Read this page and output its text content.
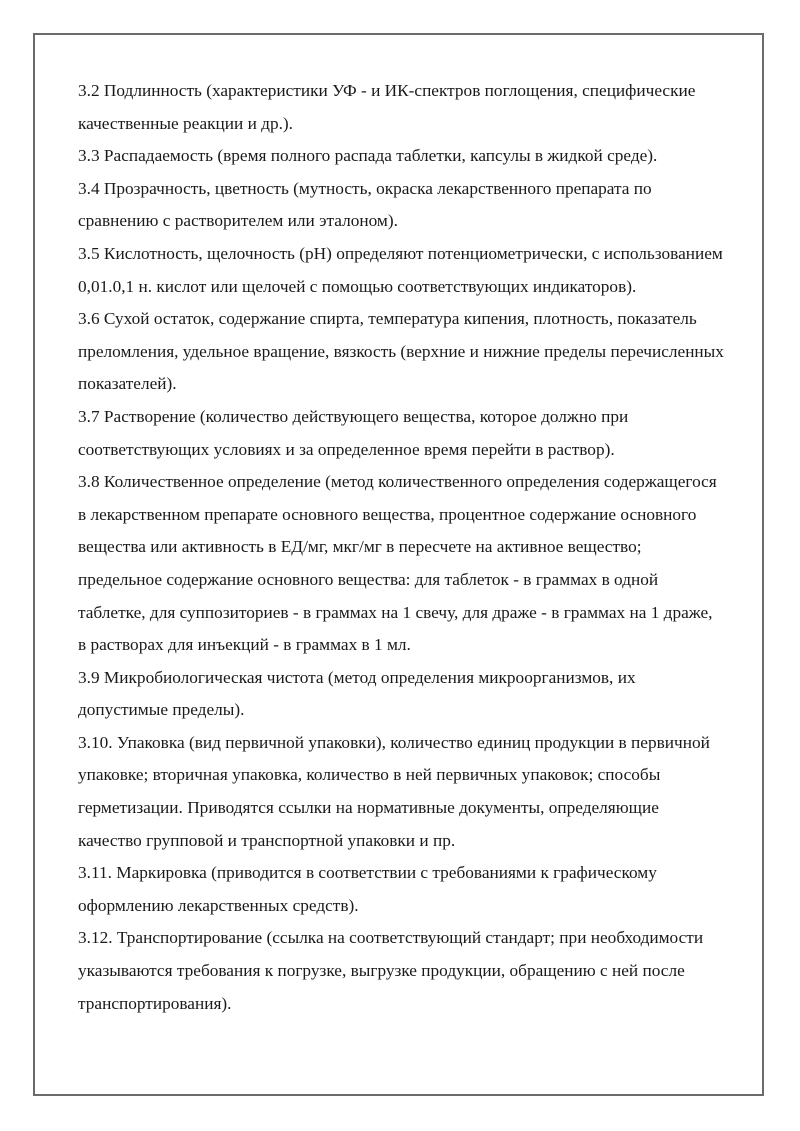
3.2 Подлинность (характеристики УФ - и ИК-спектров поглощения, специфические качественные реакции и др.).

3.3 Распадаемость (время полного распада таблетки, капсулы в жидкой среде).

3.4 Прозрачность, цветность (мутность, окраска лекарственного препарата по сравнению с растворителем или эталоном).

3.5 Кислотность, щелочность (рН) определяют потенциометрически, с использованием 0,01.0,1 н. кислот или щелочей с помощью соответствующих индикаторов).

3.6 Сухой остаток, содержание спирта, температура кипения, плотность, показатель преломления, удельное вращение, вязкость (верхние и нижние пределы перечисленных показателей).

3.7 Растворение (количество действующего вещества, которое должно при соответствующих условиях и за определенное время перейти в раствор).

3.8 Количественное определение (метод количественного определения содержащегося в лекарственном препарате основного вещества, процентное содержание основного вещества или активность в ЕД/мг, мкг/мг в пересчете на активное вещество; предельное содержание основного вещества: для таблеток - в граммах в одной таблетке, для суппозиториев - в граммах на 1 свечу, для драже - в граммах на 1 драже, в растворах для инъекций - в граммах в 1 мл.

3.9 Микробиологическая чистота (метод определения микроорганизмов, их допустимые пределы).

3.10. Упаковка (вид первичной упаковки), количество единиц продукции в первичной упаковке; вторичная упаковка, количество в ней первичных упаковок; способы герметизации. Приводятся ссылки на нормативные документы, определяющие качество групповой и транспортной упаковки и пр.

3.11. Маркировка (приводится в соответствии с требованиями к графическому оформлению лекарственных средств).

3.12. Транспортирование (ссылка на соответствующий стандарт; при необходимости указываются требования к погрузке, выгрузке продукции, обращению с ней после транспортирования).
